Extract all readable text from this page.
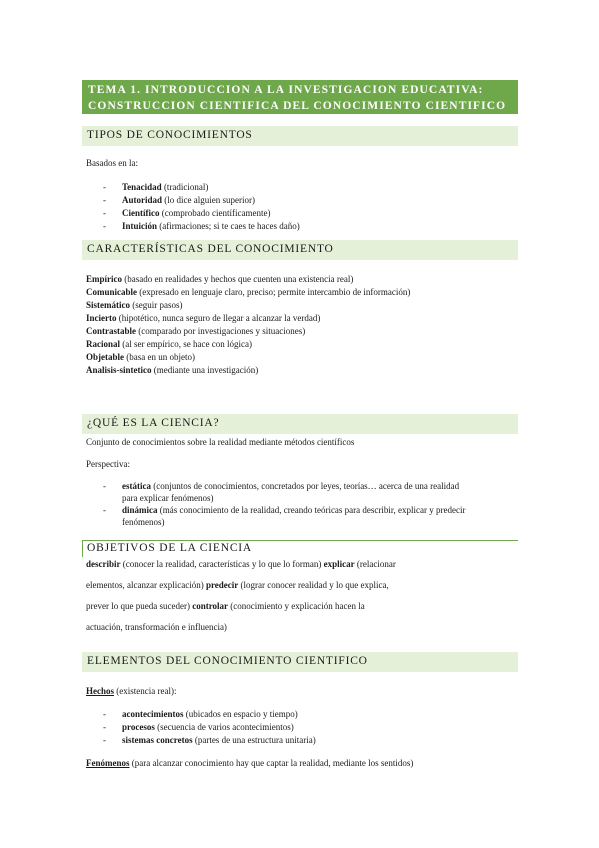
TEMA 1. INTRODUCCION A LA INVESTIGACION EDUCATIVA:
CONSTRUCCION CIENTIFICA DEL CONOCIMIENTO CIENTIFICO
TIPOS DE CONOCIMIENTOS
Basados en la:
- Tenacidad (tradicional)
- Autoridad (lo dice alguien superior)
- Científico (comprobado científicamente)
- Intuición (afirmaciones; si te caes te haces daño)
CARACTERÍSTICAS DEL CONOCIMIENTO
Empírico (basado en realidades y hechos que cuenten una existencia real)
Comunicable (expresado en lenguaje claro, preciso; permite intercambio de información)
Sistemático (seguir pasos)
Incierto (hipotético, nunca seguro de llegar a alcanzar la verdad)
Contrastable (comparado por investigaciones y situaciones)
Racional (al ser empírico, se hace con lógica)
Objetable (basa en un objeto)
Analisis-sintetico (mediante una investigación)
¿QUÉ ES LA CIENCIA?
Conjunto de conocimientos sobre la realidad mediante métodos científicos
Perspectiva:
- estática (conjuntos de conocimientos, concretados por leyes, teorías… acerca de una realidad
para explicar fenómenos)
- dinámica (más conocimiento de la realidad, creando teóricas para describir, explicar y predecir
fenómenos)
OBJETIVOS DE LA CIENCIA
describir (conocer la realidad, características y lo que lo forman) explicar (relacionar
elementos, alcanzar explicación) predecir (lograr conocer realidad y lo que explica,
prever lo que pueda suceder) controlar (conocimiento y explicación hacen la
actuación, transformación e influencia)
ELEMENTOS DEL CONOCIMIENTO CIENTIFICO
Hechos (existencia real):
- acontecimientos (ubicados en espacio y tiempo)
- procesos (secuencia de varios acontecimientos)
- sistemas concretos (partes de una estructura unitaria)
Fenómenos (para alcanzar conocimiento hay que captar la realidad, mediante los sentidos)
